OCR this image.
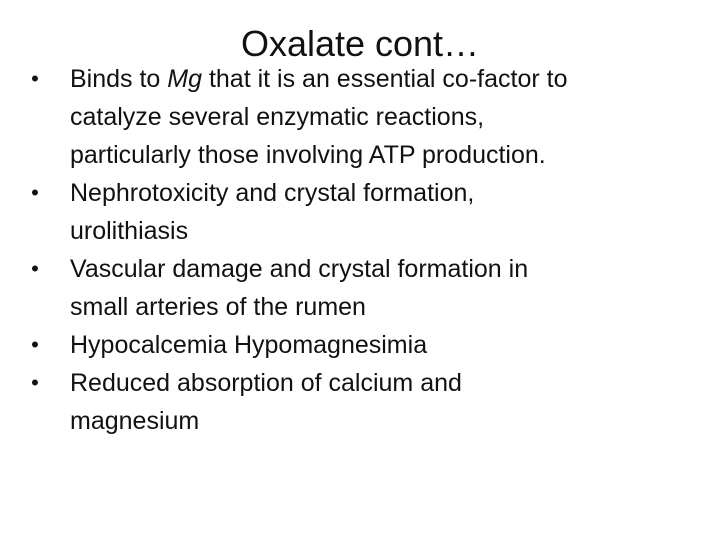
Oxalate cont…
•	Binds to Mg that it is an essential co-factor to
catalyze several enzymatic reactions,
particularly those involving ATP production.
•	Nephrotoxicity and crystal formation,
urolithiasis
•	Vascular damage and crystal formation in
small arteries of the rumen
•	Hypocalcemia Hypomagnesimia
•	Reduced absorption of calcium and
magnesium
